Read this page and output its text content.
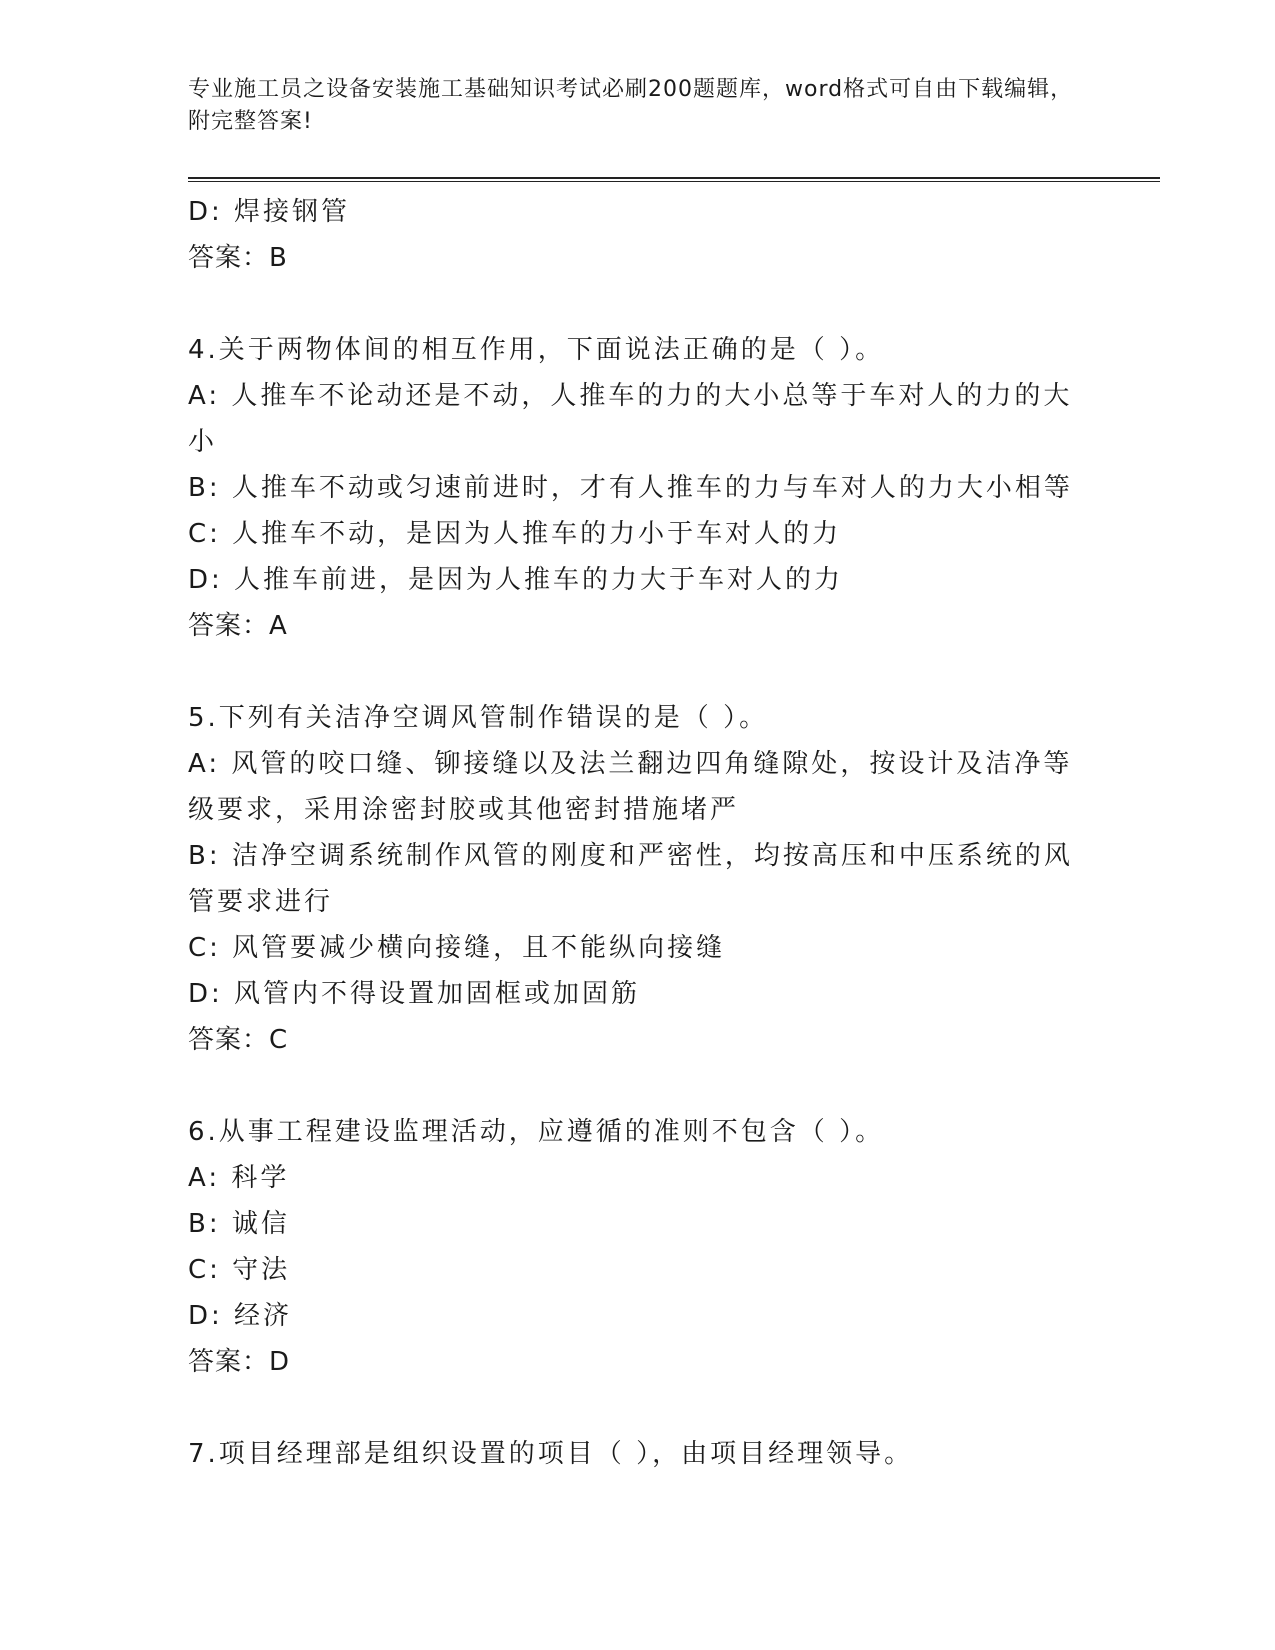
专业施工员之设备安装施工基础知识考试必刷200题题库，word格式可自由下载编辑，附完整答案!
D: 焊接钢管
答案：B
4.关于两物体间的相互作用，下面说法正确的是（ ）。
A: 人推车不论动还是不动，人推车的力的大小总等于车对人的力的大小
B: 人推车不动或匀速前进时，才有人推车的力与车对人的力大小相等
C: 人推车不动，是因为人推车的力小于车对人的力
D: 人推车前进，是因为人推车的力大于车对人的力
答案：A
5.下列有关洁净空调风管制作错误的是（ ）。
A: 风管的咬口缝、铆接缝以及法兰翻边四角缝隙处，按设计及洁净等级要求，采用涂密封胶或其他密封措施堵严
B: 洁净空调系统制作风管的刚度和严密性，均按高压和中压系统的风管要求进行
C: 风管要减少横向接缝，且不能纵向接缝
D: 风管内不得设置加固框或加固筋
答案：C
6.从事工程建设监理活动，应遵循的准则不包含（ ）。
A: 科学
B: 诚信
C: 守法
D: 经济
答案：D
7.项目经理部是组织设置的项目（ ），由项目经理领导。
